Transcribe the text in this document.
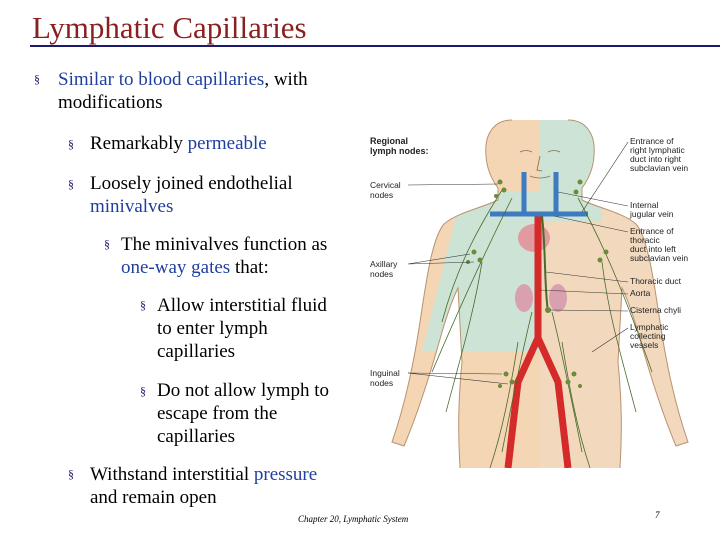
Lymphatic Capillaries
§ Similar to blood capillaries, with modifications
§ Remarkably permeable
§ Loosely joined endothelial
minivalves
§ The minivalves function as
one-way gates that:
§ Allow interstitial fluid
to enter lymph
capillaries
§ Do not allow lymph to
escape from the
capillaries
§ Withstand interstitial pressure
and remain open
Chapter 20, Lymphatic System	7
Regional
lymph nodes:
Cervical
nodes
Axillary
nodes
Inguinal
nodes
Entrance of
right lymphatic
duct into right
subclavian vein
Internal
jugular vein
Entrance of
thoracic
duct into left
subclavian vein
Thoracic duct
Aorta
Cisterna chyli
Lymphatic
collecting
vessels
